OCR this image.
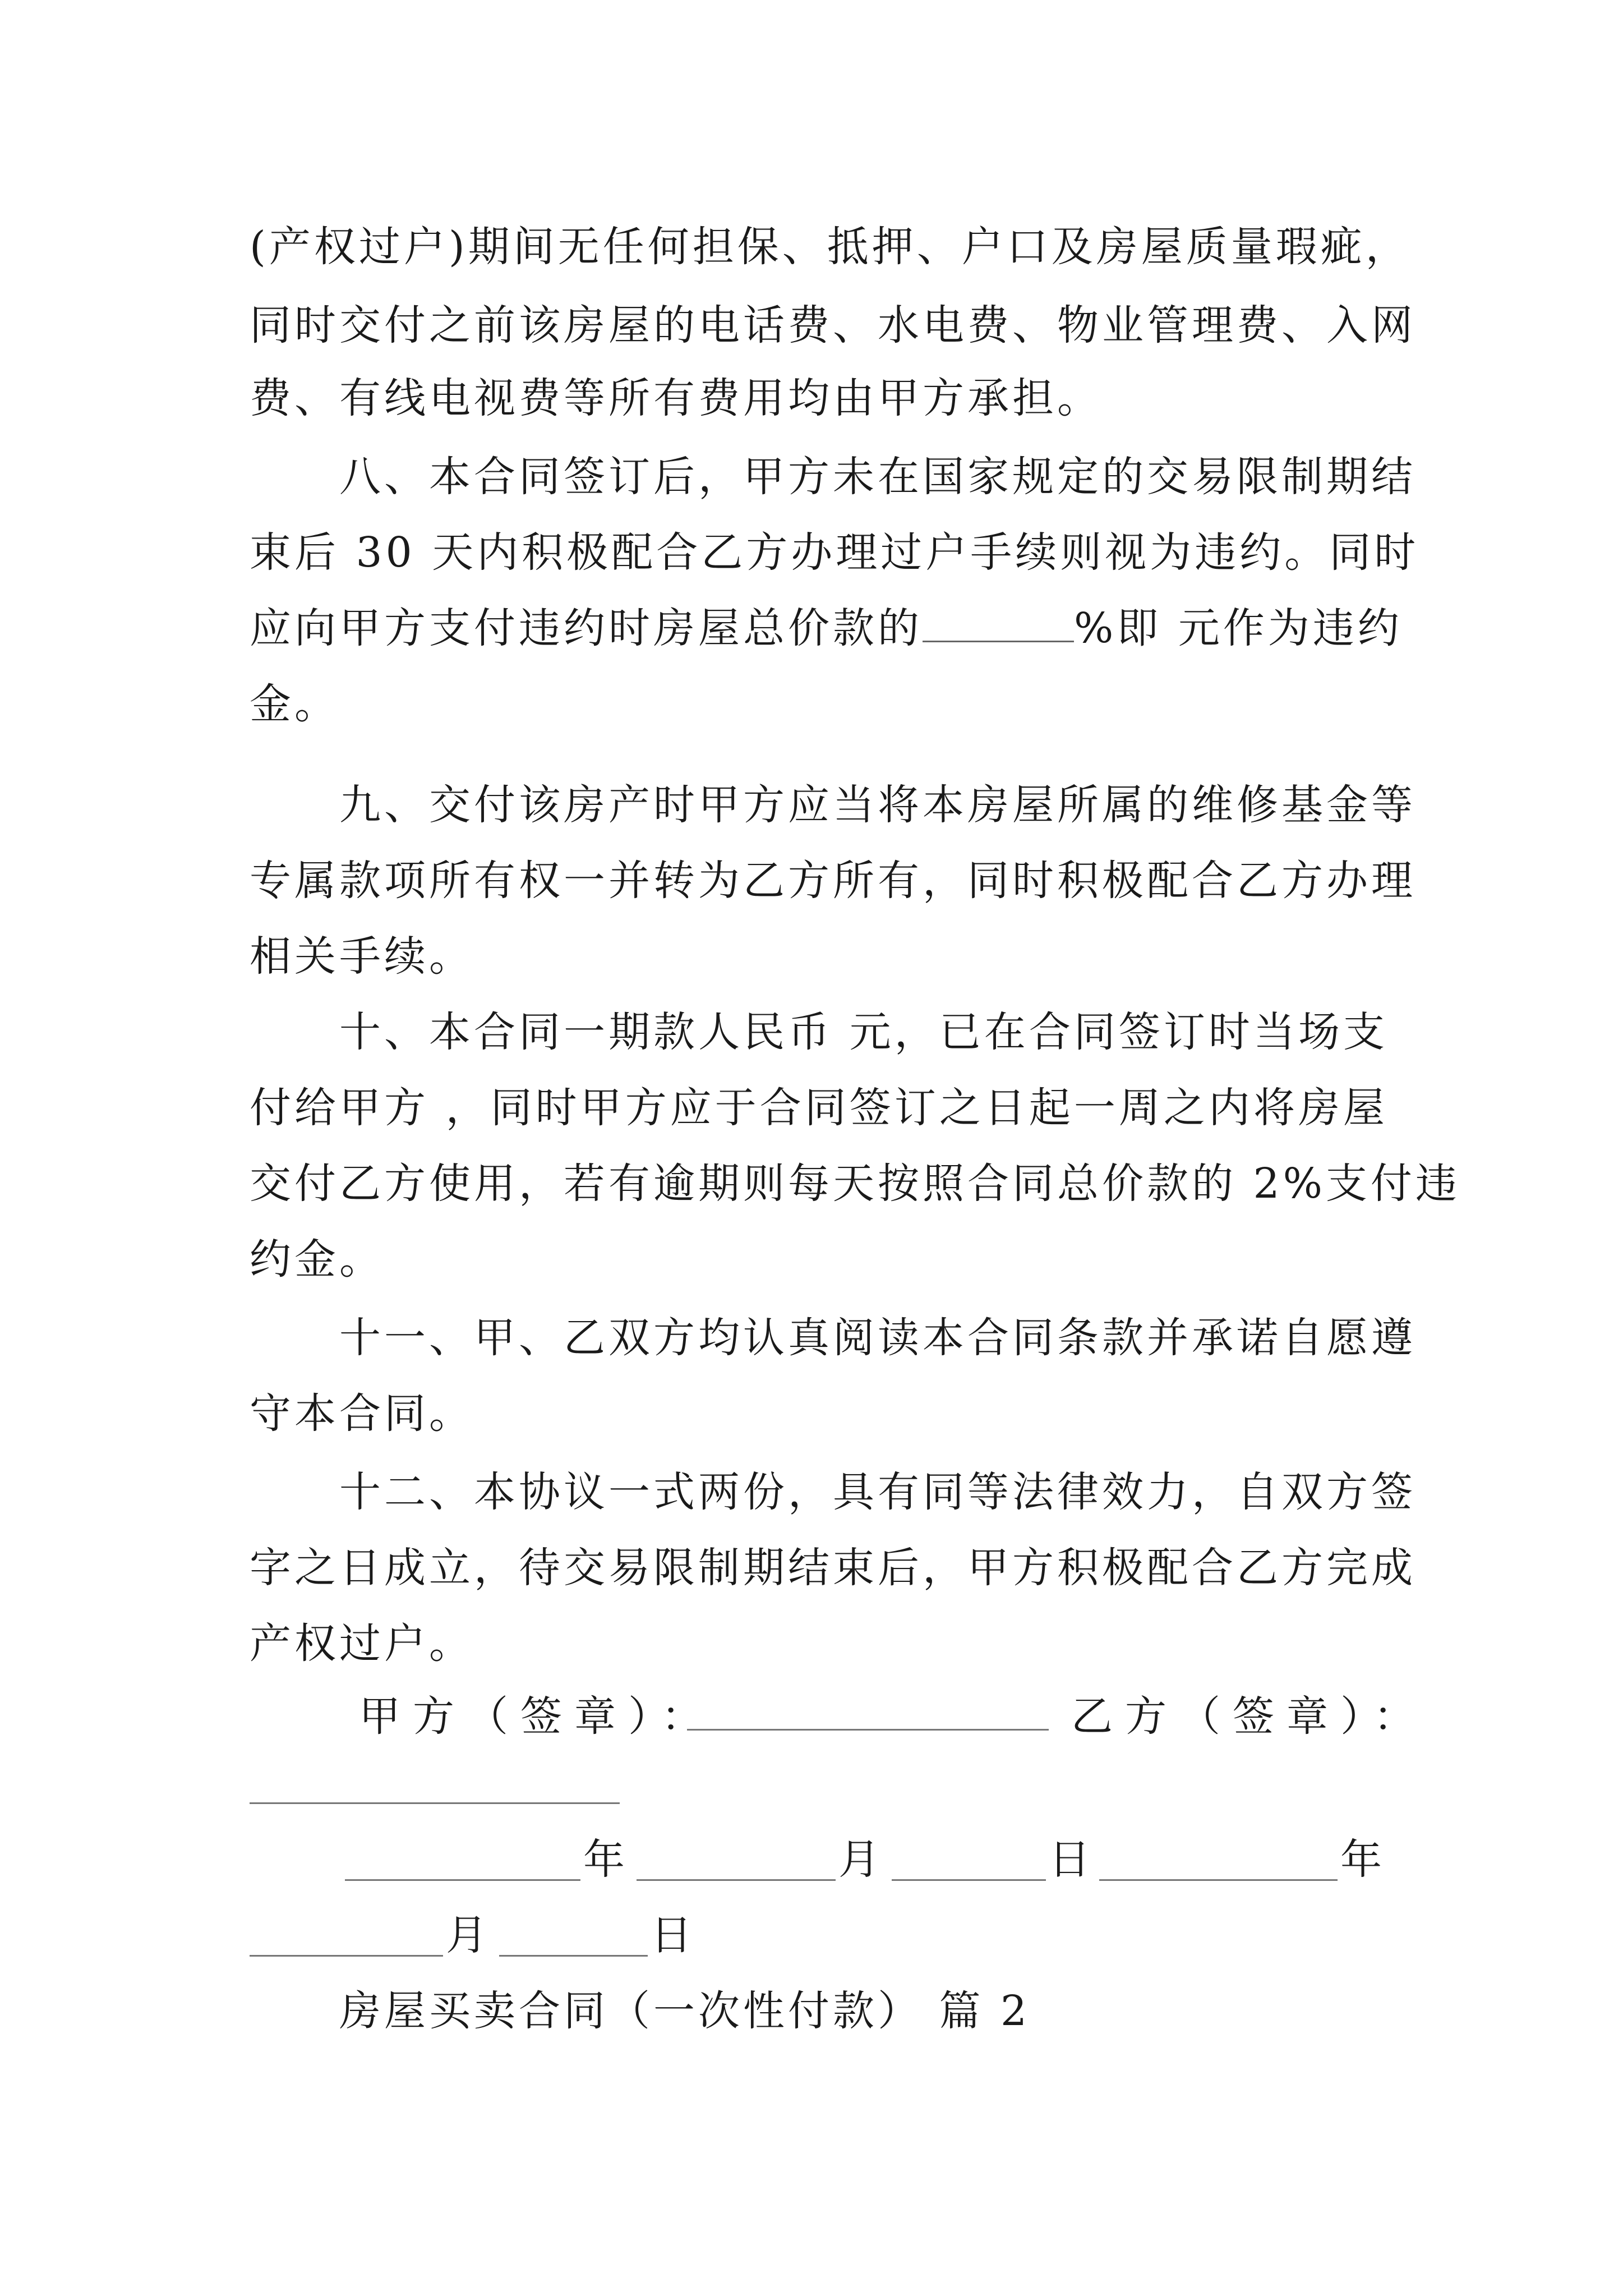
(产权过户)期间无任何担保、抵押、户口及房屋质量瑕疵，
同时交付之前该房屋的电话费、水电费、物业管理费、入网
费、有线电视费等所有费用均由甲方承担。
八、本合同签订后，甲方未在国家规定的交易限制期结
束后 30 天内积极配合乙方办理过户手续则视为违约。同时
应向甲方支付违约时房屋总价款的	%即 元作为违约
金。
九、交付该房产时甲方应当将本房屋所属的维修基金等
专属款项所有权一并转为乙方所有，同时积极配合乙方办理
相关手续。
十、本合同一期款人民币 元，已在合同签订时当场支
付给甲方 ，同时甲方应于合同签订之日起一周之内将房屋
交付乙方使用，若有逾期则每天按照合同总价款的 2%支付违
约金。
十一、甲、乙双方均认真阅读本合同条款并承诺自愿遵
守本合同。
十二、本协议一式两份，具有同等法律效力，自双方签
字之日成立，待交易限制期结束后，甲方积极配合乙方完成
产权过户。
甲方（签章）：	乙方（签章）：
年	月	日	年
月	日
房屋买卖合同（一次性付款） 篇 2
